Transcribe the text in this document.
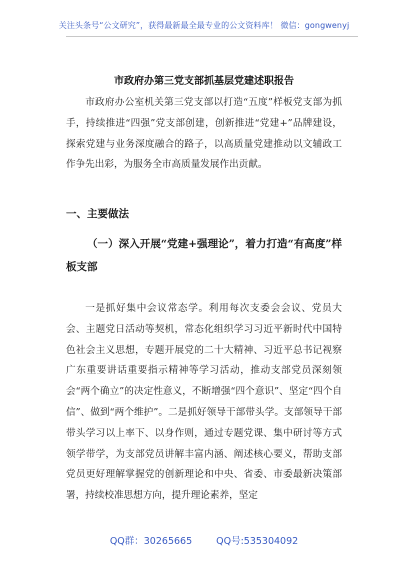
关注头条号“公文研究”，获得最新最全最专业的公文资料库！ 微信：gongwenyj
市政府办第三党支部抓基层党建述职报告
市政府办公室机关第三党支部以打造“五度”样板党支部为抓手，持续推进“四强”党支部创建，创新推进“党建+”品牌建设，探索党建与业务深度融合的路子，以高质量党建推动以文辅政工作争先出彩，为服务全市高质量发展作出贡献。
一、主要做法
（一）深入开展“党建+强理论”，着力打造“有高度”样板支部
一是抓好集中会议常态学。利用每次支委会会议、党员大会、主题党日活动等契机，常态化组织学习习近平新时代中国特色社会主义思想，专题开展党的二十大精神、习近平总书记视察广东重要讲话重要指示精神等学习活动，推动支部党员深刻领会“两个确立”的决定性意义，不断增强“四个意识”、坚定“四个自信”、做到“两个维护”。二是抓好领导干部带头学。支部领导干部带头学习以上率下、以身作则，通过专题党课、集中研讨等方式领学带学，为支部党员讲解丰富内涵、阐述核心要义，帮助支部党员更好理解掌握党的创新理论和中央、省委、市委最新决策部署，持续校准思想方向，提升理论素养，坚定
QQ群：30265665	QQ号:535304092
